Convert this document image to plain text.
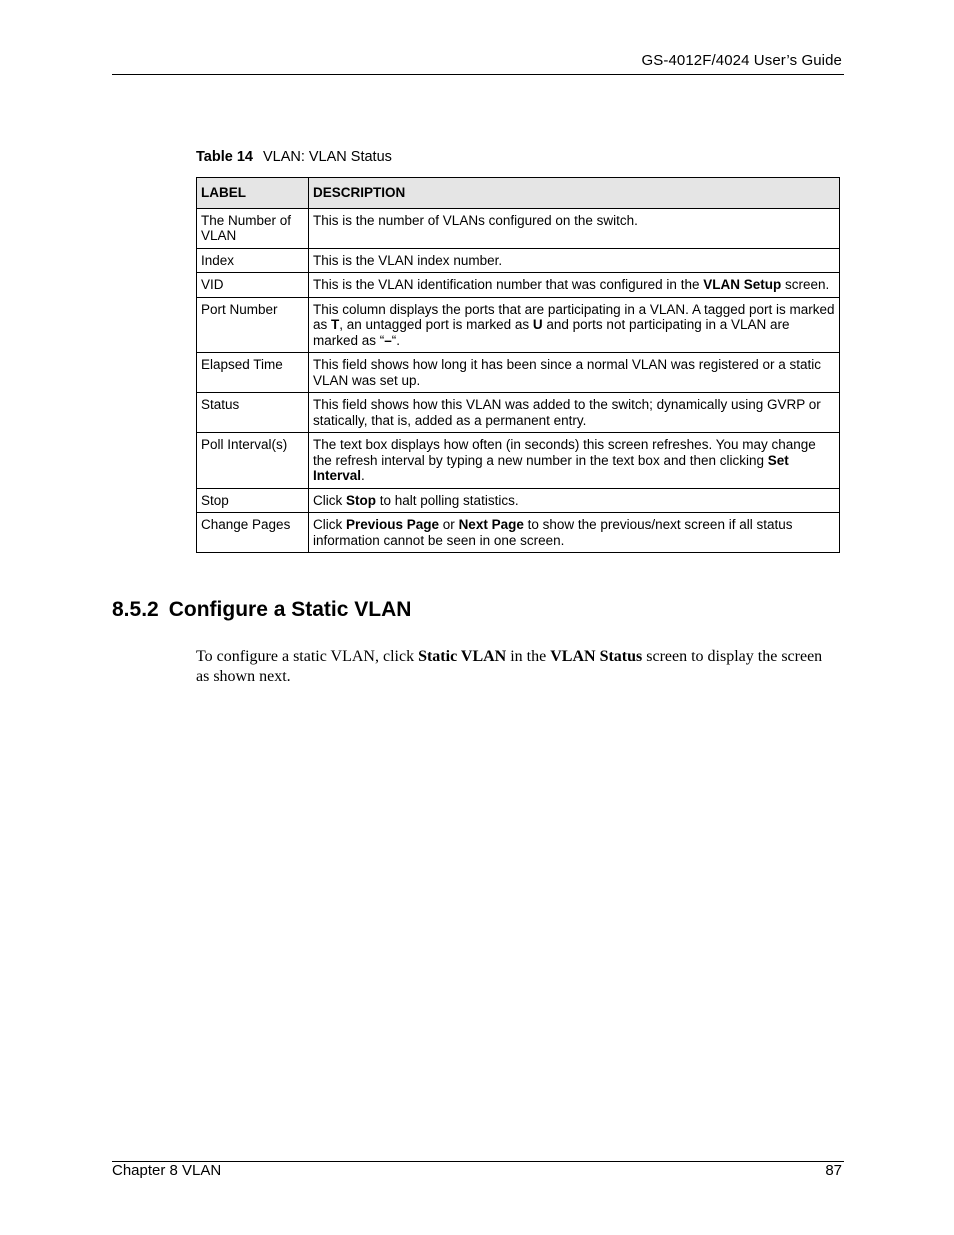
GS-4012F/4024 User’s Guide
Table 14 VLAN: VLAN Status
LABEL	DESCRIPTION
The Number of VLAN	This is the number of VLANs configured on the switch.
Index	This is the VLAN index number.
VID	This is the VLAN identification number that was configured in the VLAN Setup screen.
Port Number	This column displays the ports that are participating in a VLAN. A tagged port is marked as T, an untagged port is marked as U and ports not participating in a VLAN are marked as “–“.
Elapsed Time	This field shows how long it has been since a normal VLAN was registered or a static VLAN was set up.
Status	This field shows how this VLAN was added to the switch; dynamically using GVRP or statically, that is, added as a permanent entry.
Poll Interval(s)	The text box displays how often (in seconds) this screen refreshes. You may change the refresh interval by typing a new number in the text box and then clicking Set Interval.
Stop	Click Stop to halt polling statistics.
Change Pages	Click Previous Page or Next Page to show the previous/next screen if all status information cannot be seen in one screen.
8.5.2 Configure a Static VLAN
To configure a static VLAN, click Static VLAN in the VLAN Status screen to display the screen as shown next.
Chapter 8 VLAN	87
